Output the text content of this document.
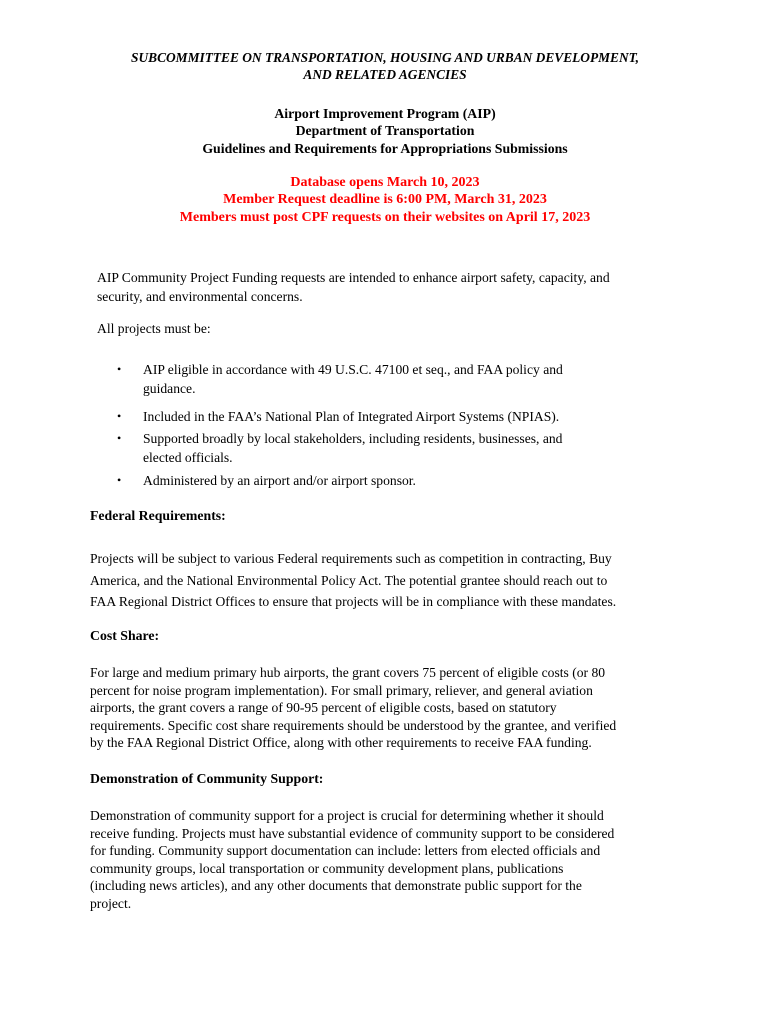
SUBCOMMITTEE ON TRANSPORTATION, HOUSING AND URBAN DEVELOPMENT,
AND RELATED AGENCIES
Airport Improvement Program (AIP)
Department of Transportation
Guidelines and Requirements for Appropriations Submissions
Database opens March 10, 2023
Member Request deadline is 6:00 PM, March 31, 2023
Members must post CPF requests on their websites on April 17, 2023
AIP Community Project Funding requests are intended to enhance airport safety, capacity, and
security, and environmental concerns.
All projects must be:
• AIP eligible in accordance with 49 U.S.C. 47100 et seq., and FAA policy and
guidance.
• Included in the FAA’s National Plan of Integrated Airport Systems (NPIAS).
• Supported broadly by local stakeholders, including residents, businesses, and
elected officials.
• Administered by an airport and/or airport sponsor.
Federal Requirements:
Projects will be subject to various Federal requirements such as competition in contracting, Buy
America, and the National Environmental Policy Act. The potential grantee should reach out to
FAA Regional District Offices to ensure that projects will be in compliance with these mandates.
Cost Share:
For large and medium primary hub airports, the grant covers 75 percent of eligible costs (or 80
percent for noise program implementation). For small primary, reliever, and general aviation
airports, the grant covers a range of 90-95 percent of eligible costs, based on statutory
requirements. Specific cost share requirements should be understood by the grantee, and verified
by the FAA Regional District Office, along with other requirements to receive FAA funding.
Demonstration of Community Support:
Demonstration of community support for a project is crucial for determining whether it should
receive funding. Projects must have substantial evidence of community support to be considered
for funding. Community support documentation can include: letters from elected officials and
community groups, local transportation or community development plans, publications
(including news articles), and any other documents that demonstrate public support for the
project.
